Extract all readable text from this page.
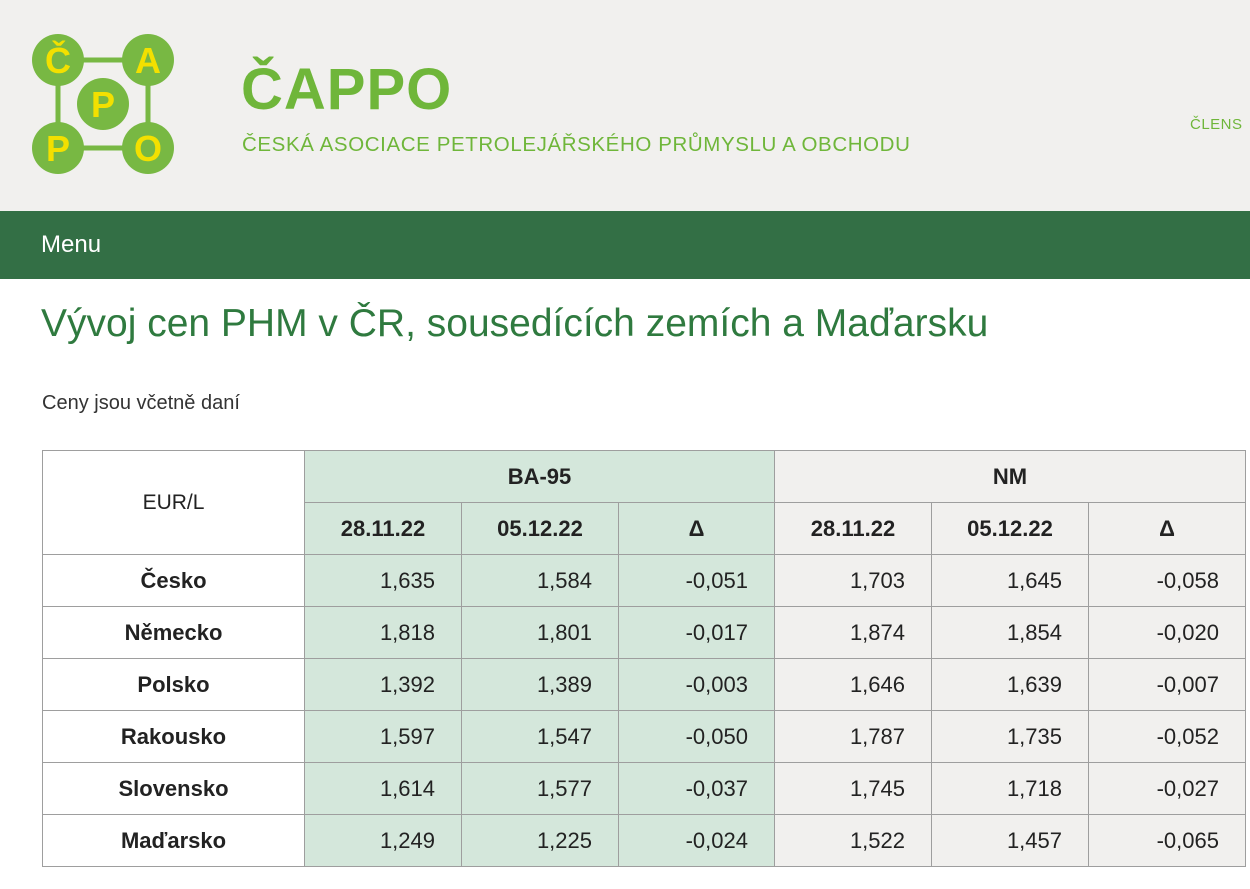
Č A
P
P O
ČAPPO
ČESKÁ ASOCIACE PETROLEJÁŘSKÉHO PRŮMYSLU A OBCHODU
ČLENS
Menu
Vývoj cen PHM v ČR, sousedících zemích a Maďarsku
Ceny jsou včetně daní
EUR/L	BA-95			NM		
	28.11.22	05.12.22	Δ	28.11.22	05.12.22	Δ
Česko	1,635	1,584	-0,051	1,703	1,645	-0,058
Německo	1,818	1,801	-0,017	1,874	1,854	-0,020
Polsko	1,392	1,389	-0,003	1,646	1,639	-0,007
Rakousko	1,597	1,547	-0,050	1,787	1,735	-0,052
Slovensko	1,614	1,577	-0,037	1,745	1,718	-0,027
Maďarsko	1,249	1,225	-0,024	1,522	1,457	-0,065
